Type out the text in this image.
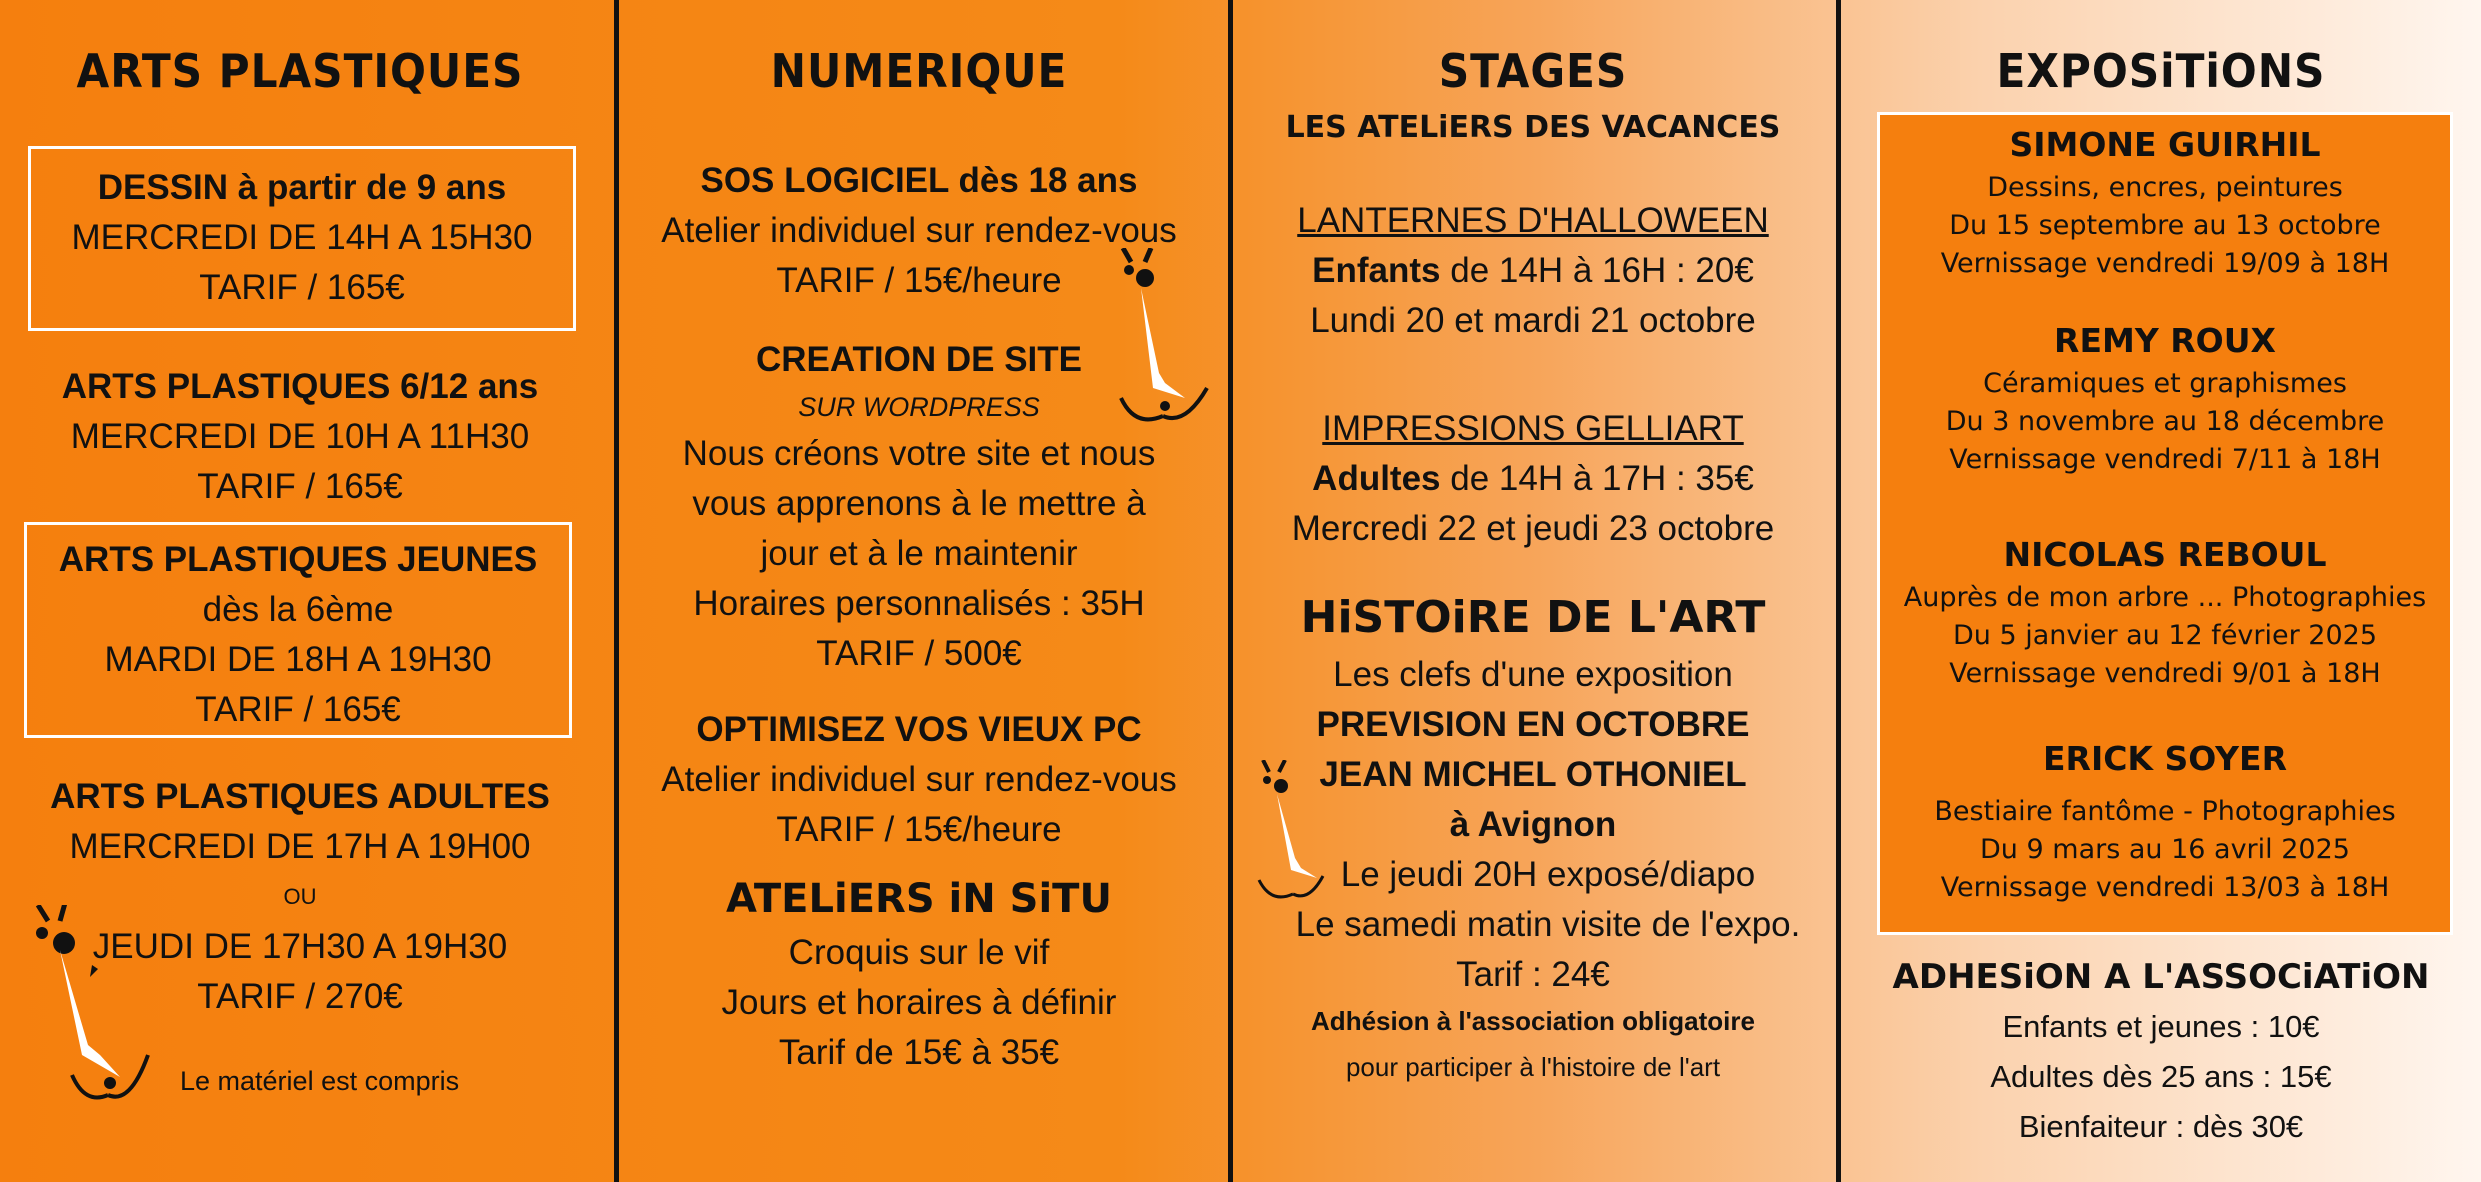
ARTS PLASTIQUES

DESSIN à partir de 9 ans

MERCREDI DE 14H A 15H30

TARIF / 165€

ARTS PLASTIQUES 6/12 ans

MERCREDI DE 10H A 11H30

TARIF / 165€

ARTS PLASTIQUES JEUNES

dès la 6ème

MARDI DE 18H A 19H30

TARIF / 165€

ARTS PLASTIQUES ADULTES

MERCREDI DE 17H A 19H00

OU

JEUDI DE 17H30 A 19H30

TARIF / 270€

Le matériel est compris

NUMERIQUE

SOS LOGICIEL dès 18 ans

Atelier individuel sur rendez-vous

TARIF / 15€/heure

CREATION DE SITE

SUR WORDPRESS

Nous créons votre site et nous

vous apprenons à le mettre à

jour et à le maintenir

Horaires personnalisés : 35H

TARIF / 500€

OPTIMISEZ VOS VIEUX PC

Atelier individuel sur rendez-vous

TARIF / 15€/heure

ATELiERS iN SiTU

Croquis sur le vif

Jours et horaires à définir

Tarif de 15€ à 35€

STAGES
LES ATELiERS DES VACANCES

LANTERNES D'HALLOWEEN

Enfants de 14H à 16H : 20€

Lundi 20 et mardi 21 octobre

IMPRESSIONS GELLIART

Adultes de 14H à 17H : 35€

Mercredi 22 et jeudi 23 octobre

HiSTOiRE DE L'ART

Les clefs d'une exposition

PREVISION EN OCTOBRE

JEAN MICHEL OTHONIEL

à Avignon

Le jeudi 20H exposé/diapo

Le samedi matin visite de l'expo.

Tarif : 24€

Adhésion à l'association obligatoire

pour participer à l'histoire de l'art

EXPOSiTiONS

SIMONE GUIRHIL

Dessins, encres, peintures

Du 15 septembre au 13 octobre

Vernissage vendredi 19/09 à 18H

REMY ROUX

Céramiques et graphismes

Du 3 novembre au 18 décembre

Vernissage vendredi 7/11 à 18H

NICOLAS REBOUL

Auprès de mon arbre ... Photographies

Du 5 janvier au 12 février 2025

Vernissage vendredi 9/01 à 18H

ERICK SOYER

Bestiaire fantôme - Photographies

Du 9 mars au 16 avril 2025

Vernissage vendredi 13/03 à 18H

ADHESiON A L'ASSOCiATiON

Enfants et jeunes : 10€

Adultes dès 25 ans : 15€

Bienfaiteur : dès 30€
